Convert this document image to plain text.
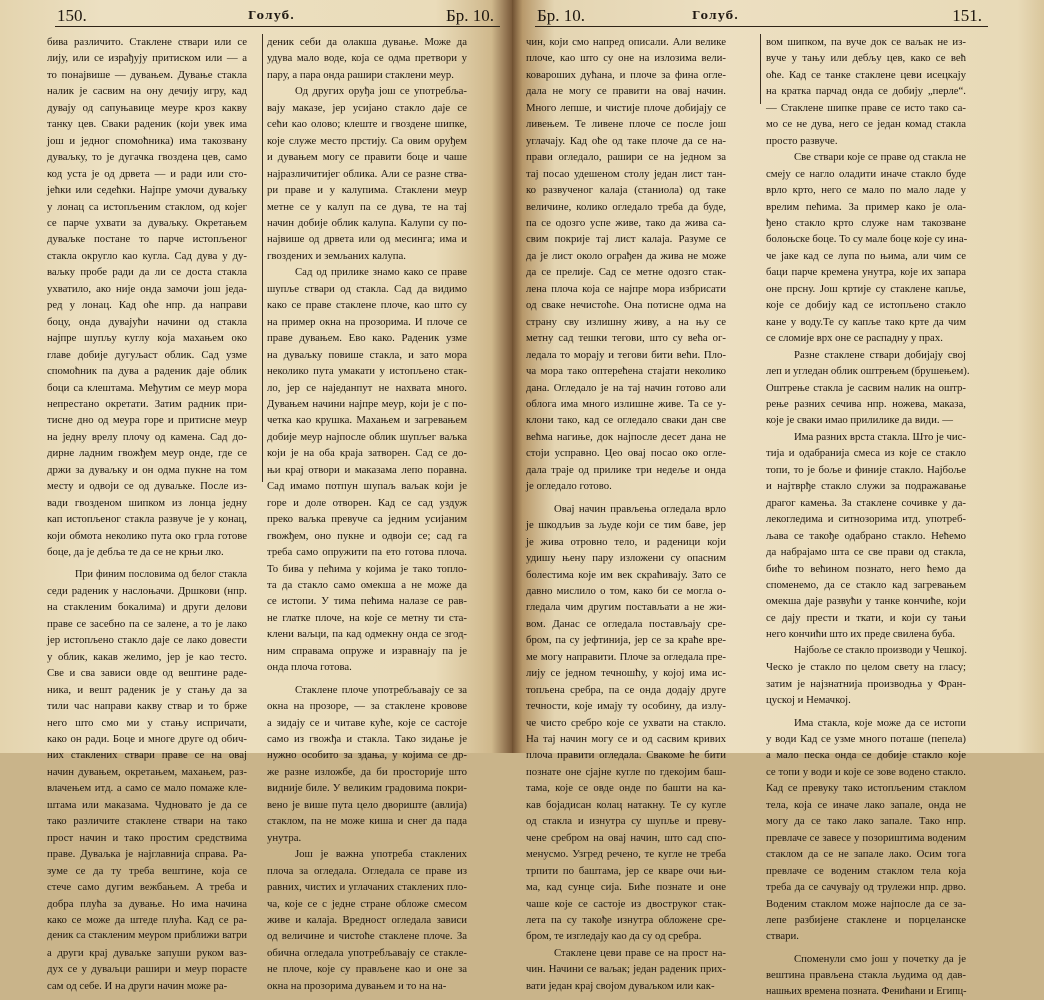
150.	Голуб.	Бр. 10.

бива различито. Стаклене ствари или се

лију, или се израђују притиском или — а

то понајвише — дувањем. Дување стакла

налик је сасвим на ону дечију игру, кад

дувају од сапуњавице меуре кроз какву

танку цев. Сваки раденик (који увек има

још и једног спомоћника) има такозвану

дуваљку, то је дугачка гвоздена цев, само

код уста је од дрвета — и ради или сто-

јећки или седећки. Најпре умочи дуваљку

у лонац са истопљеним стаклом, од којег

се парче ухвати за дуваљку. Окретањем

дуваљке постане то парче истопљеног

стакла округло као кугла. Сад дува у ду-

ваљку пробе ради да ли се доста стакла

ухватило, ако није онда замочи још једа-

ред у лонац. Кад оће нпр. да направи

боцу, онда дувајући начини од стакла

најпре шупљу куглу која махањем око

главе добије дугуљаст облик. Сад узме

спомоћник па дува а раденик даје облик

боци са клештама. Међутим се меур мора

непрестано окретати. Затим радник при-

тисне дно од меура горе и притисне меур

на једну врелу плочу од камена. Сад до-

дирне ладним гвожђем меур онде, где се

држи за дуваљку и он одма пукне на том

месту и одвоји се од дуваљке. После из-

вади гвозденом шипком из лонца једну

кап истопљеног стакла развуче је у конац,

који обмота неколико пута око грла готове

боце, да је дебља те да се не крњи лко.

При финим пословима од белог стакла

седи раденик у наслоњачи. Дршкови (нпр.

на стакленим бокалима) и други делови

праве се засебно па се залене, а то је лако

јер истопљено стакло даје се лако довести

у облик, какав желимо, јер је као тесто.

Све и сва зависи овде од вештине раде-

ника, и вешт раденик је у стању да за

тили час направи какву ствар и то брже

него што смо ми у стању испричати,

како он ради. Боце и многе друге од обич-

них стаклених ствари праве се на овај

начин дувањем, окретањем, махањем, раз-

влачењем итд. а само се мало помаже кле-

штама или маказама. Чудновато је да се

тако различите стаклене ствари на тако

прост начин и тако простим средствима

праве. Дуваљка је најглавнија справа. Ра-

зуме се да ту треба вештине, која се

стече само дугим вежбањем. А треба и

добра плућа за дување. Но има начина

како се може да штеде плућа. Кад се ра-

деник са стакленим меуром приближи ватри

а други крај дуваљке запуши руком ваз-

дух се у дуваљци рашири и меур порасте

сам од себе. И на други начин може ра-

деник себи да олакша дување. Може да

удува мало воде, која се одма претвори у

пару, а пара онда рашири стаклени меур.

Од других оруђа још се употребља-

вају маказе, јер усијано стакло даје се

сећи као олово; клеште и гвоздене шипке,

које служе место прстију. Са овим оруђем

и дувањем могу се правити боце и чаше

најразличитијег облика. Али се разне ства-

ри праве и у калупима. Стаклени меур

метне се у калуп па се дува, те на тај

начин добије облик калупа. Калупи су по-

највише од дрвета или од месинга; има и

гвоздених и земљаних калупа.

Сад од прилике знамо како се праве

шупље ствари од стакла. Сад да видимо

како се праве стаклене плоче, као што су

на пример окна на прозорима. И плоче се

праве дувањем. Ево како. Раденик узме

на дуваљку повише стакла, и зато мора

неколико пута умакати у истопљено стак-

ло, јер се наједанпут не нахвата много.

Дувањем начини најпре меур, који је с по-

четка као крушка. Махањем и загревањем

добије меур најпосле облик шупљег ваљка

који је на оба краја затворен. Сад се до-

њи крај отвори и маказама лепо поравна.

Сад имамо потпун шупаљ ваљак који је

горе и доле отворен. Кад се сад уздуж

преко ваљка превуче са једним усијаним

гвожђем, оно пукне и одвоји се; сад га

треба само опружити па ето готова плоча.

То бива у пећима у којима је тако топло-

та да стакло само омекша а не може да

се истопи. У тима пећима налазе се рав-

не глатке плоче, на које се метну ти ста-

клени ваљци, па кад одмекну онда се згод-

ним справама опруже и изравнају па је

онда плоча готова.

Стаклене плоче употребљавају се за

окна на прозоре, — за стаклене кровове

а зидају се и читаве куће, које се састоје

само из гвожђа и стакла. Тако зидање је

нужно особито за здања, у којима се др-

же разне изложбе, да би просторије што

видније биле. У великим градовима покри-

вено је више пута цело двориште (авлија)

стаклом, па не може киша и снег да пада

унутра.

Још је важна употреба стаклених

плоча за огледала. Огледала се праве из

равних, чистих и углачаних стаклених пло-

ча, које се с једне стране обложе смесом

живе и калаја. Вредност огледала зависи

од величине и чистоће стаклене плоче. За

обична огледала употребљавају се стакле-

не плоче, које су прављене као и оне за

окна на прозорима дувањем и то на на-

Бр. 10.	Голуб.	151.

чин, који смо напред описали. Али велике

плоче, као што су оне на излозима вели-

ковароших дућана, и плоче за фина огле-

дала не могу се правити на овај начин.

Много лепше, и чистије плоче добијају се

ливењем. Те ливене плоче се после још

углачају. Кад оће од таке плоче да се на-

прави огледало, рашири се на једном за

тај посао удешеном столу један лист тан-

ко развученог калаја (станиола) од таке

величине, колико огледало треба да буде,

па се одозго успе живе, тако да жива са-

свим покрије тај лист калаја. Разуме се

да је лист около ограђен да жива не може

да се прелије. Сад се метне одозго стак-

лена плоча која се најпре мора избрисати

од сваке нечистоће. Она потисне одма на

страну сву излишну живу, а на њу се

метну сад тешки тегови, што су већа ог-

ледала то морају и тегови бити већи. Пло-

ча мора тако оптерећена стајати неколико

дана. Огледало је на тај начин готово али

облога има много излишне живе. Та се у-

клони тако, кад се огледало сваки дан све

већма нагиње, док најпосле десет дана не

стоји усправно. Цео овај посао око огле-

дала траје од прилике три недеље и онда

је огледало готово.

Овај начин прављења огледала врло

је шкодљив за људе који се тим баве, јер

је жива отровно тело, и раденици који

удишу њену пару изложени су опасним

болестима које им век скраћивају. Зато се

давно мислило о том, како би се могла о-

гледала чим другим постављати а не жи-

вом. Данас се огледала постављају сре-

бром, па су јефтинија, јер се за краће вре-

ме могу направити. Плоче за огледала пре-

лију се једном течношћу, у којој има ис-

топљена сребра, па се онда додају друге

течности, које имају ту особину, да излу-

че чисто сребро које се ухвати на стакло.

На тај начин могу се и од сасвим кривих

плоча правити огледала. Свакоме ће бити

познате оне сјајне кугле по гдекојим баш-

тама, које се овде онде по башти на ка-

кав бојадисан колац натакну. Те су кугле

од стакла и изнутра су шупље и преву-

чене сребром на овај начин, што сад спо-

менусмо. Узгред речено, те кугле не треба

трпити по баштама, јер се кваре очи њи-

ма, кад сунце сија. Биће познате и оне

чаше које се састоје из двоструког стак-

лета па су такође изнутра обложене сре-

бром, те изгледају као да су од сребра.

Стаклене цеви праве се на прост на-

чин. Начини се ваљак; један раденик прих-

вати један крај својом дуваљком или как-

вом шипком, па вуче док се ваљак не из-

вуче у тању или дебљу цев, како се већ

оће. Кад се танке стаклене цеви исецкају

на кратка парчад онда се добију „перле“.

— Стаклене шипке праве се исто тако са-

мо се не дува, него се један комад стакла

просто развуче.

Све ствари које се праве од стакла не

смеју се нагло оладити иначе стакло буде

врло крто, него се мало по мало ладе у

врелим пећима. За пример како је ола-

ђено стакло крто служе нам такозване

болоњске боце. То су мале боце које су ина-

че јаке кад се лупа по њима, али чим се

баци парче кремена унутра, које их запара

оне прсну. Још кртије су стаклене капље,

које се добију кад се истопљено стакло

кане у воду.Те су капље тако крте да чим

се сломије врх оне се распадну у прах.

Разне стаклене ствари добијају свој

леп и угледан облик оштрењем (брушењем).

Оштрење стакла је сасвим налик на оштр-

рење разних сечива нпр. ножева, маказа,

које је сваки имао прилилике да види. —

Има разних врста стакла. Што је чис-

тија и одабранија смеса из које се стакло

топи, то је боље и финије стакло. Најбоље

и најтврђе стакло служи за подражавање

драгог камења. За стаклене сочивке у да-

лекогледима и ситнозорима итд. употреб-

љава се такође одабрано стакло. Нећемо

да набрајамо шта се све прави од стакла,

биће то већином познато, него ћемо да

споменемо, да се стакло кад загревањем

омекша даје развући у танке кончиће, који

се дају прести и ткати, и који су тањи

него кончићи што их преде свилена буба.

Најбоље се стакло производи у Чешкој.

Ческо је стакло по целом свету на гласу;

затим је најзнатнија производња у Фран-

цуској и Немачкој.

Има стакла, које може да се истопи

у води Кад се узме много поташе (пепела)

а мало песка онда се добије стакло које

се топи у води и које се зове водено стакло.

Кад се превуку тако истопљеним стаклом

тела, која се иначе лако запале, онда не

могу да се тако лако запале. Тако нпр.

превлаче се завесе у позориштима воденим

стаклом да се не запале лако. Осим тога

превлаче се воденим стаклом тела која

треба да се сачувају од трулежи нпр. дрво.

Воденим стаклом може најпосле да се за-

лепе разбијене стаклене и порцеланске

ствари.

Споменули смо још у почетку да је

вештина прављена стакла људима од дав-

нашњих времена позната. Фенићани и Египц-
